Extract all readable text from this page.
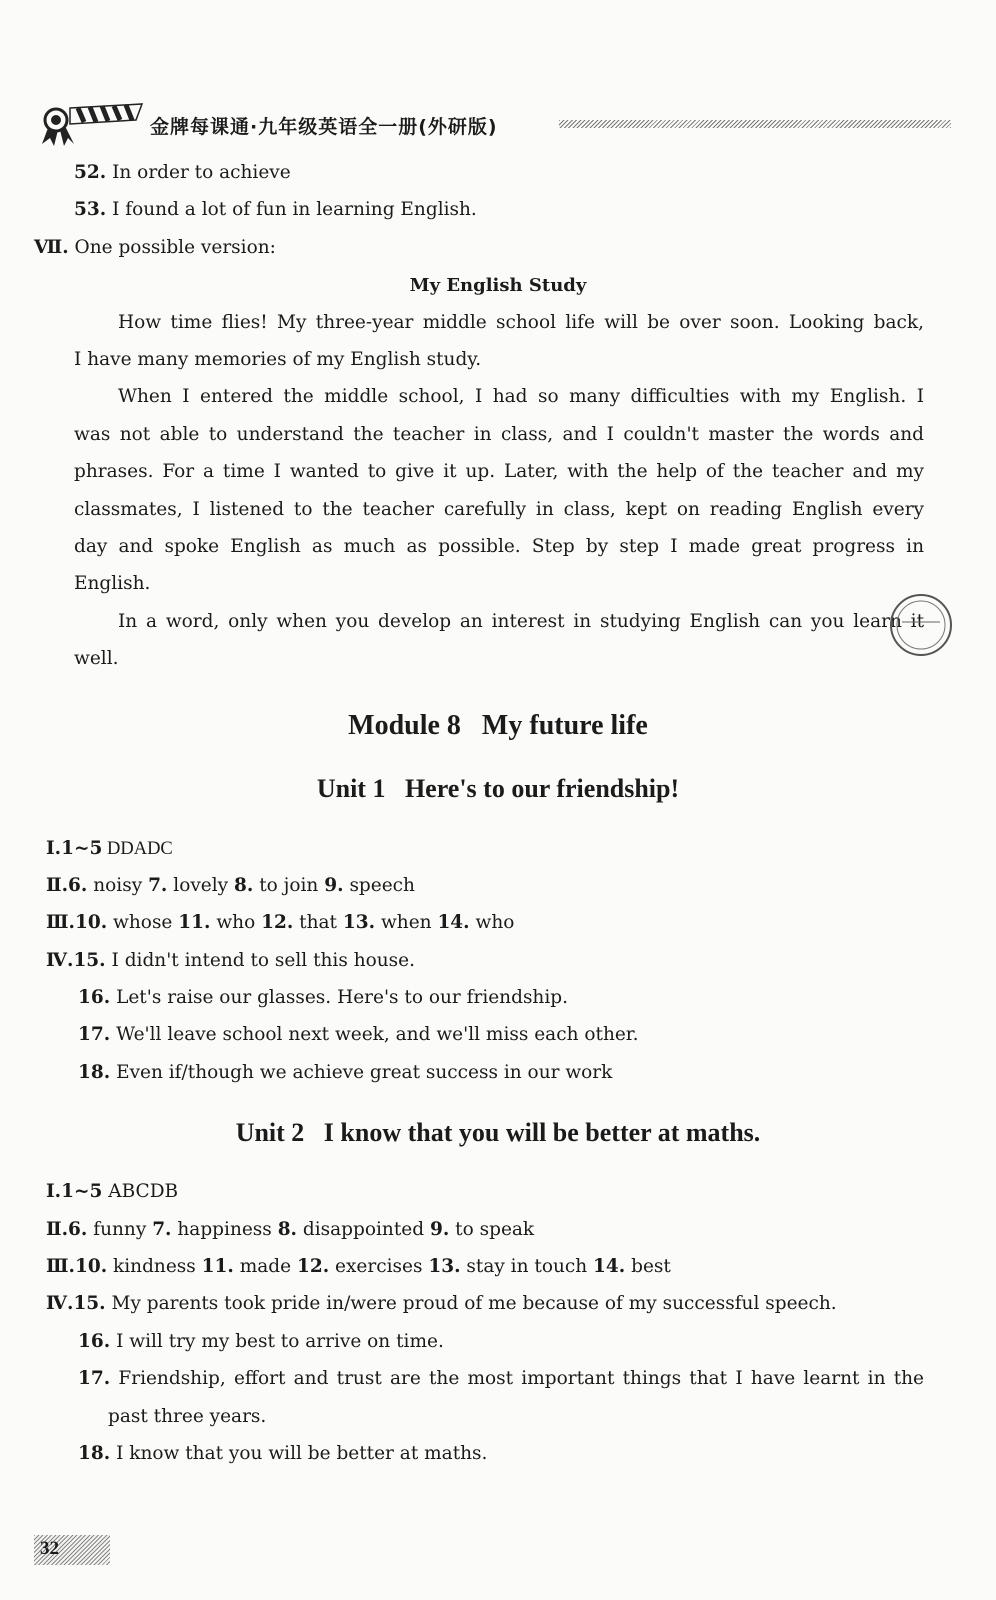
金牌每课通·九年级英语全一册(外研版)
52. In order to achieve
53. I found a lot of fun in learning English.
Ⅶ. One possible version:
My English Study
How time flies! My three-year middle school life will be over soon. Looking back,
I have many memories of my English study.
When I entered the middle school, I had so many difficulties with my English. I
was not able to understand the teacher in class, and I couldn't master the words and
phrases. For a time I wanted to give it up. Later, with the help of the teacher and my
classmates, I listened to the teacher carefully in class, kept on reading English every
day and spoke English as much as possible. Step by step I made great progress in
English.
In a word, only when you develop an interest in studying English can you learn it
well.
Module 8   My future life
Unit 1   Here's to our friendship!
Ⅰ.1~5 DDADC
Ⅱ.6. noisy 7. lovely 8. to join 9. speech
Ⅲ.10. whose 11. who 12. that 13. when 14. who
Ⅳ.15. I didn't intend to sell this house.
16. Let's raise our glasses. Here's to our friendship.
17. We'll leave school next week, and we'll miss each other.
18. Even if/though we achieve great success in our work
Unit 2   I know that you will be better at maths.
Ⅰ.1~5 ABCDB
Ⅱ.6. funny 7. happiness 8. disappointed 9. to speak
Ⅲ.10. kindness 11. made 12. exercises 13. stay in touch 14. best
Ⅳ.15. My parents took pride in/were proud of me because of my successful speech.
16. I will try my best to arrive on time.
17. Friendship, effort and trust are the most important things that I have learnt in the
past three years.
18. I know that you will be better at maths.
32
